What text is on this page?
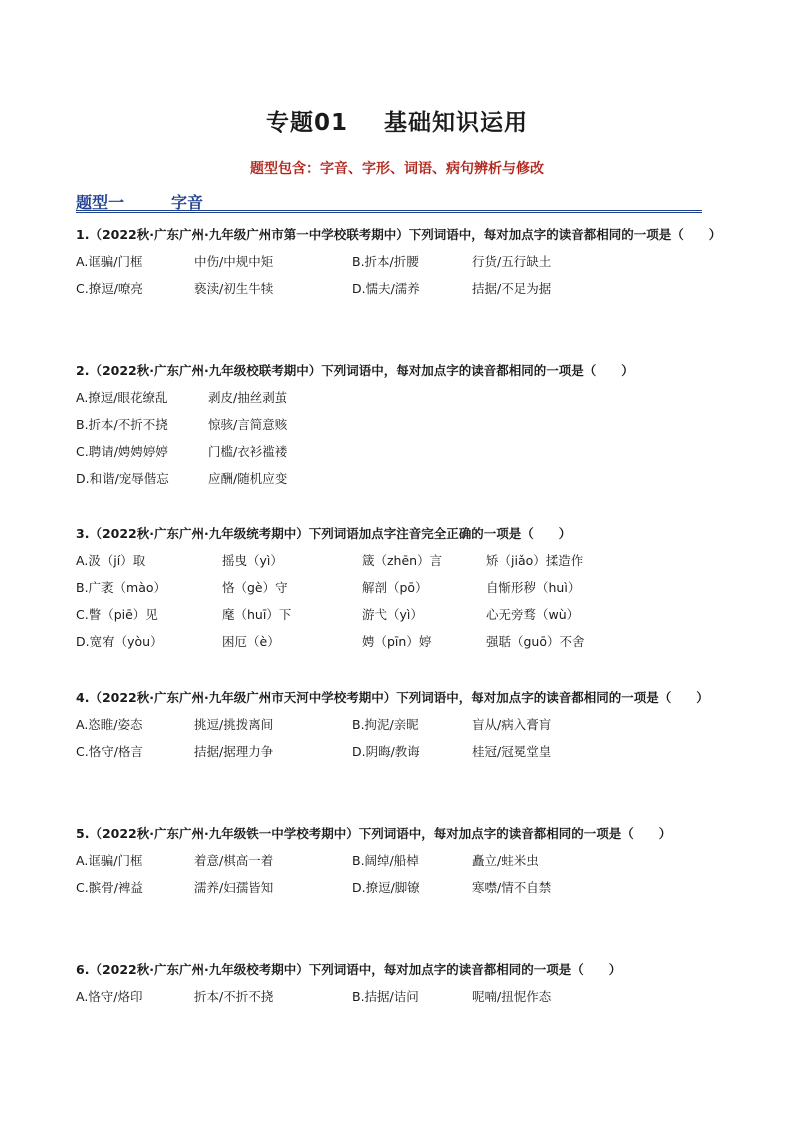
专题01 基础知识运用
题型包含：字音、字形、词语、病句辨析与修改
题型一	字音
1.（2022秋·广东广州·九年级广州市第一中学校联考期中）下列词语中，每对加点字的读音都相同的一项是（　　）
A.诓骗/门框	中伤/中规中矩	B.折本/折腰	行货/五行缺土
C.撩逗/嘹亮	亵渎/初生牛犊	D.懦夫/濡养	拮据/不足为据
2.（2022秋·广东广州·九年级校联考期中）下列词语中，每对加点字的读音都相同的一项是（　　）
A.撩逗/眼花缭乱	剥皮/抽丝剥茧
B.折本/不折不挠	惊骇/言简意赅
C.聘请/娉娉婷婷	门槛/衣衫褴褛
D.和谐/宠辱偕忘	应酬/随机应变
3.（2022秋·广东广州·九年级统考期中）下列词语加点字注音完全正确的一项是（　　）
A.汲（jí）取	摇曳（yì）	箴（zhēn）言	矫（jiǎo）揉造作
B.广袤（mào）	恪（gè）守	解剖（pō）	自惭形秽（huì）
C.瞥（piē）见	麾（huī）下	游弋（yì）	心无旁骛（wù）
D.宽宥（yòu）	困厄（è）	娉（pīn）婷	强聒（guō）不舍
4.（2022秋·广东广州·九年级广州市天河中学校考期中）下列词语中，每对加点字的读音都相同的一项是（　　）
A.恣睢/姿态	挑逗/挑拨离间	B.拘泥/亲昵	盲从/病入膏肓
C.恪守/格言	拮据/据理力争	D.阴晦/教诲	桂冠/冠冕堂皇
5.（2022秋·广东广州·九年级铁一中学校考期中）下列词语中，每对加点字的读音都相同的一项是（　　）
A.诓骗/门框	着意/棋高一着	B.阔绰/船棹	矗立/蛀米虫
C.髌骨/裨益	濡养/妇孺皆知	D.撩逗/脚镣	寒噤/情不自禁
6.（2022秋·广东广州·九年级校考期中）下列词语中，每对加点字的读音都相同的一项是（　　）
A.恪守/烙印	折本/不折不挠	B.拮据/诘问	呢喃/扭怩作态
